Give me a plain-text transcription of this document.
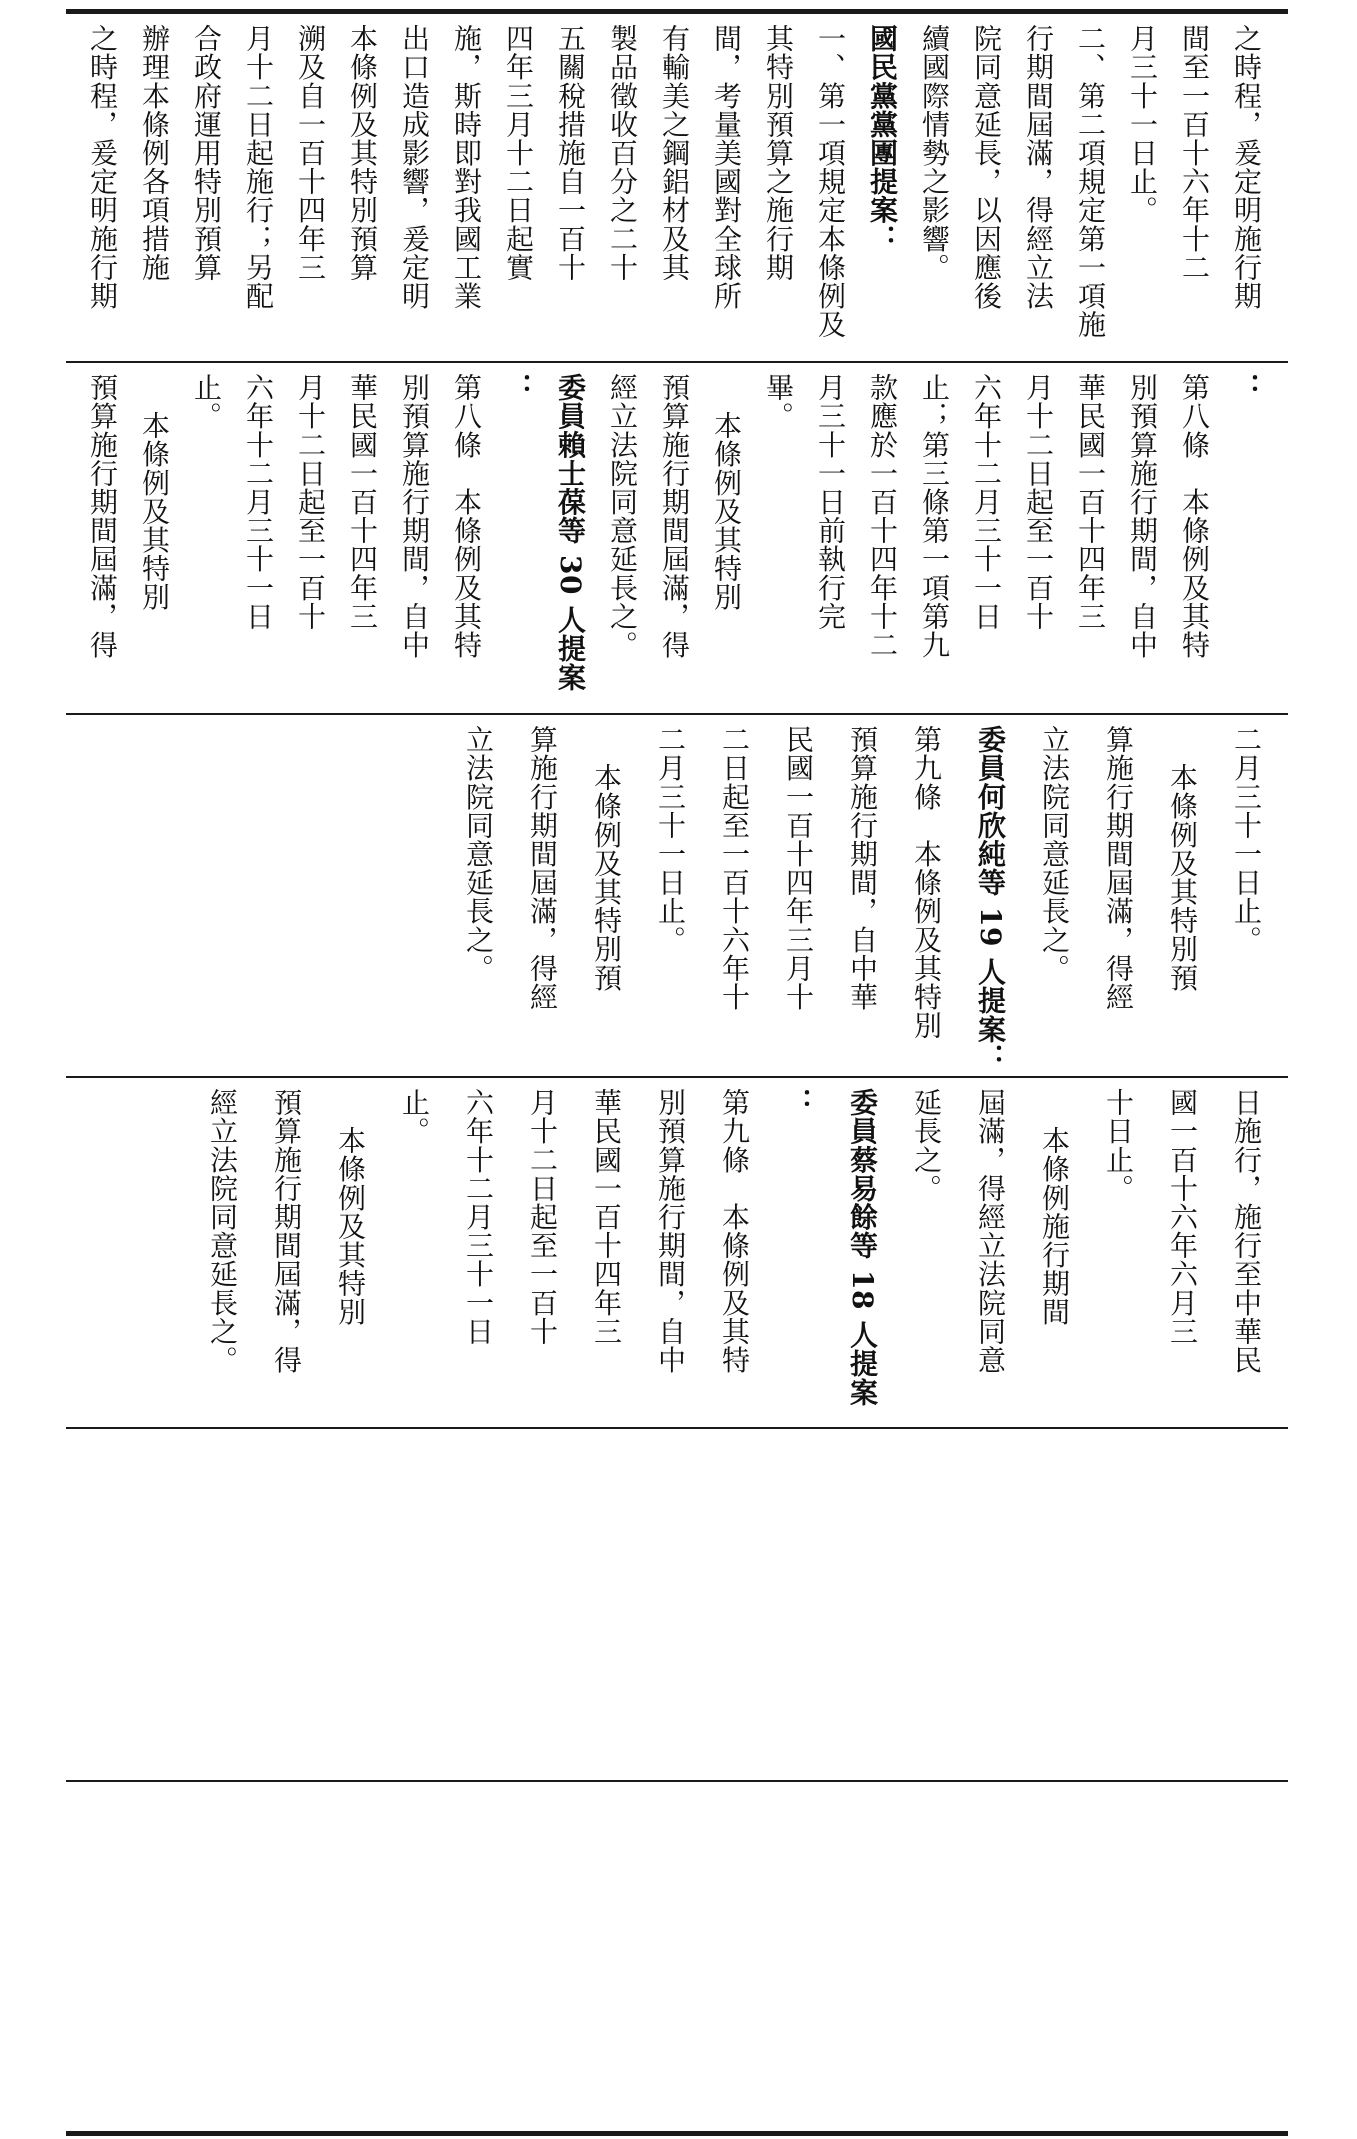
之時程，爰定明施行期
間至一百十六年十二
月三十一日止。
二、第二項規定第一項施
行期間屆滿，得經立法
院同意延長，以因應後
續國際情勢之影響。
國民黨黨團提案：
一、第一項規定本條例及
其特別預算之施行期
間，考量美國對全球所
有輸美之鋼鋁材及其
製品徵收百分之二十
五關稅措施自一百十
四年三月十二日起實
施，斯時即對我國工業
出口造成影響，爰定明
本條例及其特別預算
溯及自一百十四年三
月十二日起施行；另配
合政府運用特別預算
辦理本條例各項措施
之時程，爰定明施行期
：
第八條　本條例及其特
別預算施行期間，自中
華民國一百十四年三
月十二日起至一百十
六年十二月三十一日
止；第三條第一項第九
款應於一百十四年十二
月三十一日前執行完
畢。
本條例及其特別
預算施行期間屆滿，得
經立法院同意延長之。
委員賴士葆等 30 人提案
：
第八條　本條例及其特
別預算施行期間，自中
華民國一百十四年三
月十二日起至一百十
六年十二月三十一日
止。
本條例及其特別
預算施行期間屆滿，得
二月三十一日止。
本條例及其特別預
算施行期間屆滿，得經
立法院同意延長之。
委員何欣純等 19 人提案：
第九條　本條例及其特別
預算施行期間，自中華
民國一百十四年三月十
二日起至一百十六年十
二月三十一日止。
本條例及其特別預
算施行期間屆滿，得經
立法院同意延長之。
日施行，施行至中華民
國一百十六年六月三
十日止。
本條例施行期間
屆滿，得經立法院同意
延長之。
委員蔡易餘等 18 人提案
：
第九條　本條例及其特
別預算施行期間，自中
華民國一百十四年三
月十二日起至一百十
六年十二月三十一日
止。
本條例及其特別
預算施行期間屆滿，得
經立法院同意延長之。
